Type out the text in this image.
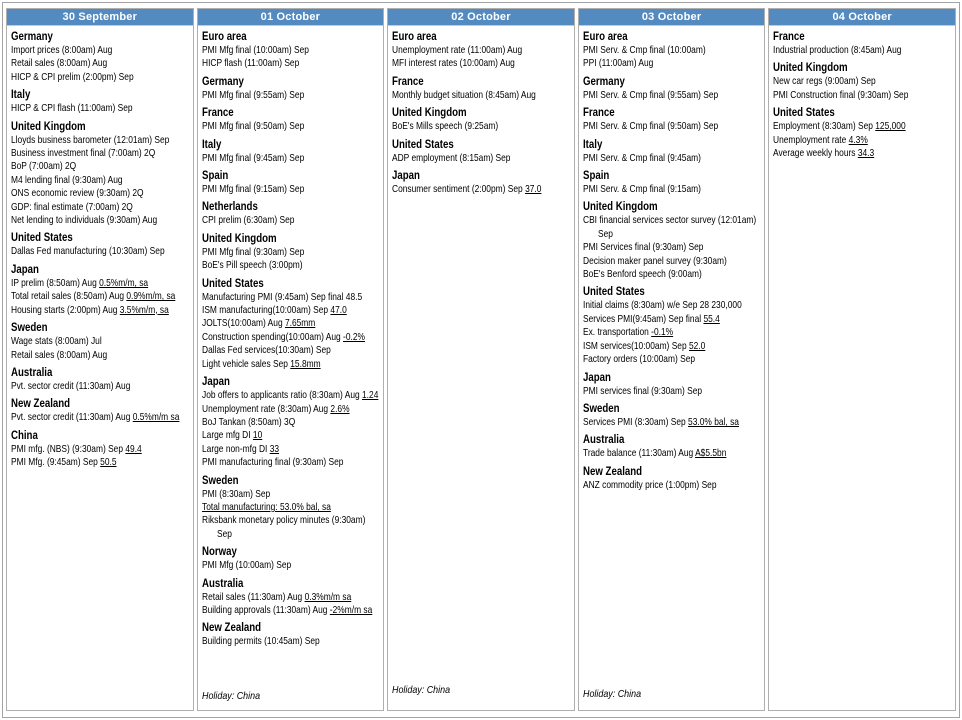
30 September
Germany
Import prices (8:00am) Aug
Retail sales (8:00am) Aug
HICP & CPI prelim (2:00pm) Sep
Italy
HICP & CPI flash (11:00am) Sep
United Kingdom
Lloyds business barometer (12:01am) Sep
Business investment final (7:00am) 2Q
BoP (7:00am) 2Q
M4 lending final (9:30am) Aug
ONS economic review (9:30am) 2Q
GDP: final estimate (7:00am) 2Q
Net lending to individuals (9:30am) Aug
United States
Dallas Fed manufacturing (10:30am) Sep
Japan
IP prelim (8:50am) Aug 0.5%m/m, sa
Total retail sales (8:50am) Aug 0.9%m/m, sa
Housing starts (2:00pm) Aug 3.5%m/m, sa
Sweden
Wage stats (8:00am) Jul
Retail sales (8:00am) Aug
Australia
Pvt. sector credit (11:30am) Aug
New Zealand
Pvt. sector credit (11:30am) Aug 0.5%m/m sa
China
PMI mfg. (NBS) (9:30am) Sep 49.4
PMI Mfg. (9:45am) Sep 50.5
01 October
Euro area
PMI Mfg final (10:00am) Sep
HICP flash (11:00am) Sep
Germany
PMI Mfg final (9:55am) Sep
France
PMI Mfg final (9:50am) Sep
Italy
PMI Mfg final (9:45am) Sep
Spain
PMI Mfg final (9:15am) Sep
Netherlands
CPI prelim (6:30am) Sep
United Kingdom
PMI Mfg final (9:30am) Sep
BoE's Pill speech (3:00pm)
United States
Manufacturing PMI (9:45am) Sep final 48.5
ISM manufacturing(10:00am) Sep 47.0
JOLTS(10:00am) Aug 7.65mm
Construction spending(10:00am) Aug -0.2%
Dallas Fed services(10:30am) Sep
Light vehicle sales Sep 15.8mm
Japan
Job offers to applicants ratio (8:30am) Aug 1.24
Unemployment rate (8:30am) Aug 2.6%
BoJ Tankan (8:50am) 3Q
Large mfg DI 10
Large non-mfg DI 33
PMI manufacturing final (9:30am) Sep
Sweden
PMI (8:30am) Sep
Total manufacturing: 53.0% bal, sa
Riksbank monetary policy minutes (9:30am)
Sep
Norway
PMI Mfg (10:00am) Sep
Australia
Retail sales (11:30am) Aug 0.3%m/m sa
Building approvals (11:30am) Aug -2%m/m sa
New Zealand
Building permits (10:45am) Sep
Holiday: China
02 October
Euro area
Unemployment rate (11:00am) Aug
MFI interest rates (10:00am) Aug
France
Monthly budget situation (8:45am) Aug
United Kingdom
BoE's Mills speech (9:25am)
United States
ADP employment (8:15am) Sep
Japan
Consumer sentiment (2:00pm) Sep 37.0
Holiday: China
03 October
Euro area
PMI Serv. & Cmp final (10:00am)
PPI (11:00am) Aug
Germany
PMI Serv. & Cmp final (9:55am) Sep
France
PMI Serv. & Cmp final (9:50am) Sep
Italy
PMI Serv. & Cmp final (9:45am)
Spain
PMI Serv. & Cmp final (9:15am)
United Kingdom
CBI financial services sector survey (12:01am)
Sep
PMI Services final (9:30am) Sep
Decision maker panel survey (9:30am)
BoE's Benford speech (9:00am)
United States
Initial claims (8:30am) w/e Sep 28 230,000
Services PMI(9:45am) Sep final 55.4
Ex. transportation -0.1%
ISM services(10:00am) Sep 52.0
Factory orders (10:00am) Sep
Japan
PMI services final (9:30am) Sep
Sweden
Services PMI (8:30am) Sep 53.0% bal, sa
Australia
Trade balance (11:30am) Aug A$5.5bn
New Zealand
ANZ commodity price (1:00pm) Sep
Holiday: China
04 October
France
Industrial production (8:45am) Aug
United Kingdom
New car regs (9:00am) Sep
PMI Construction final (9:30am) Sep
United States
Employment (8:30am) Sep 125,000
Unemployment rate 4.3%
Average weekly hours 34.3
